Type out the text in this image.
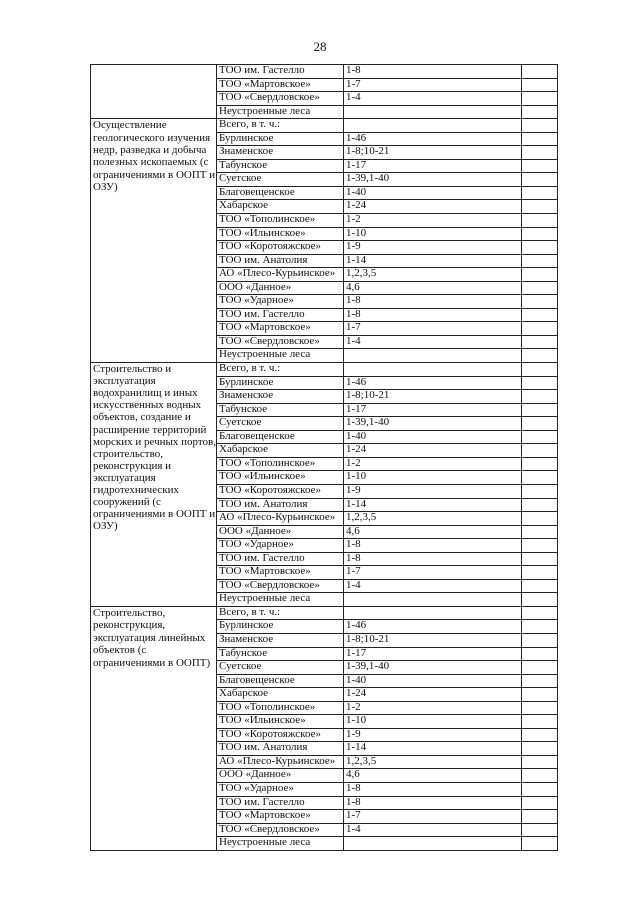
28
	ТОО им. Гастелло	1-8		
	ТОО «Мартовское»	1-7		
	ТОО «Свердловское»	1-4		
	Неустроенные леса			
Осуществление геологического изучения недр, разведка и добыча полезных ископаемых (с ограничениями в ООПТ и ОЗУ)	Всего, в т. ч.:			
	Бурлинское	1-46		
	Знаменское	1-8;10-21		
	Табунское	1-17		
	Суетское	1-39,1-40		
	Благовещенское	1-40		
	Хабарское	1-24		
	ТОО «Тополинское»	1-2		
	ТОО «Ильинское»	1-10		
	ТОО «Коротояжское»	1-9		
	ТОО им. Анатолия	1-14		
	АО «Плесо-Курьинское»	1,2,3,5		
	ООО «Данное»	4,6		
	ТОО «Ударное»	1-8		
	ТОО им. Гастелло	1-8		
	ТОО «Мартовское»	1-7		
	ТОО «Свердловское»	1-4		
	Неустроенные леса			
Строительство и эксплуатация водохранилищ и иных искусственных водных объектов, создание и расширение территорий морских и речных портов, строительство, реконструкция и эксплуатация гидротехнических сооружений (с ограничениями в ООПТ и ОЗУ)	Всего, в т. ч.:			
	Бурлинское	1-46		
	Знаменское	1-8;10-21		
	Табунское	1-17		
	Суетское	1-39,1-40		
	Благовещенское	1-40		
	Хабарское	1-24		
	ТОО «Тополинское»	1-2		
	ТОО «Ильинское»	1-10		
	ТОО «Коротояжское»	1-9		
	ТОО им. Анатолия	1-14		
	АО «Плесо-Курьинское»	1,2,3,5		
	ООО «Данное»	4,6		
	ТОО «Ударное»	1-8		
	ТОО им. Гастелло	1-8		
	ТОО «Мартовское»	1-7		
	ТОО «Свердловское»	1-4		
	Неустроенные леса			
Строительство, реконструкция, эксплуатация линейных объектов (с ограничениями в ООПТ)	Всего, в т. ч.:			
	Бурлинское	1-46		
	Знаменское	1-8;10-21		
	Табунское	1-17		
	Суетское	1-39,1-40		
	Благовещенское	1-40		
	Хабарское	1-24		
	ТОО «Тополинское»	1-2		
	ТОО «Ильинское»	1-10		
	ТОО «Коротояжское»	1-9		
	ТОО им. Анатолия	1-14		
	АО «Плесо-Курьинское»	1,2,3,5		
	ООО «Данное»	4,6		
	ТОО «Ударное»	1-8		
	ТОО им. Гастелло	1-8		
	ТОО «Мартовское»	1-7		
	ТОО «Свердловское»	1-4		
	Неустроенные леса			
